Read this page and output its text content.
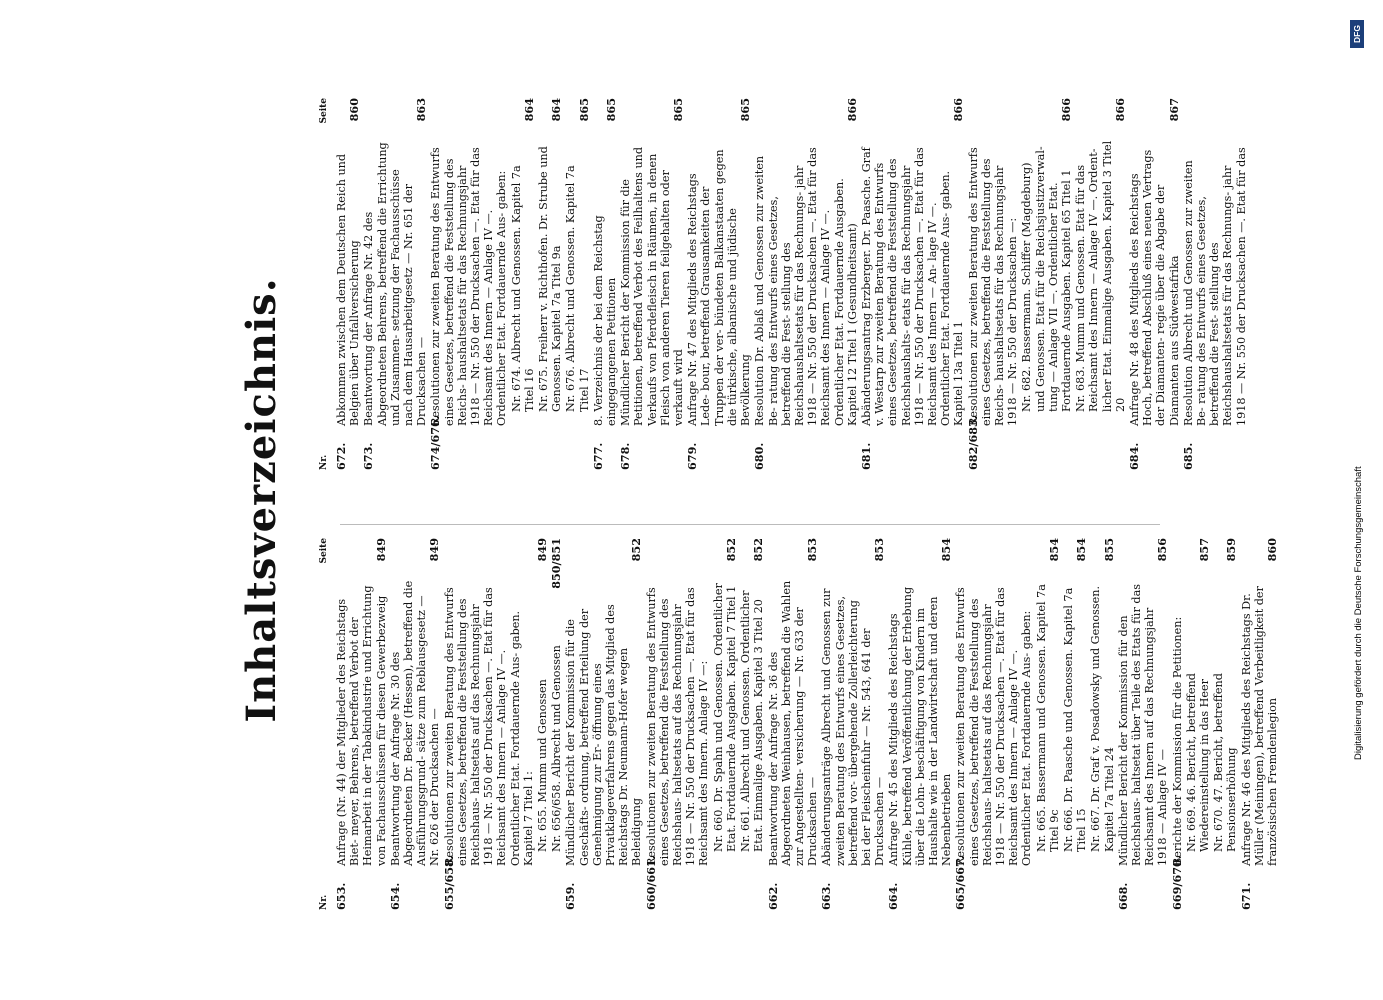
Inhaltsverzeichnis.
Nr.
Seite
653.
Anfrage (Nr. 44) der Mitglieder des Reichstags Biet- meyer, Behrens, betreffend Verbot der Heimarbeit in der Tabakindustrie und Errichtung von Fachausschüssen für diesen Gewerbezweig
849
654.
Beantwortung der Anfrage Nr. 30 des Abgeordneten Dr. Becker (Hessen), betreffend die Ausführungsgrund- sätze zum Reblausgesetz — Nr. 626 der Drucksachen —
849
655/658.
Resolutionen zur zweiten Beratung des Entwurfs eines Gesetzes, betreffend die Feststellung des Reichshaus- haltsetats auf das Rechnungsjahr 1918 — Nr. 550 der Drucksachen —. Etat für das Reichsamt des Innern — Anlage IV —. Ordentlicher Etat. Fortdauernde Aus- gaben. Kapitel 7 Titel 1: Nr. 655. Mumm und Genossen
849
Nr. 656/658. Albrecht und Genossen
850/851
659.
Mündlicher Bericht der Kommission für die Geschäfts- ordnung, betreffend Erteilung der Genehmigung zur Er- öffnung eines Privatklageverfahrens gegen das Mitglied des Reichstags Dr. Neumann-Hofer wegen Beleidigung
852
660/661.
Resolutionen zur zweiten Beratung des Entwurfs eines Gesetzes, betreffend die Feststellung des Reichshaus- haltsetats auf das Rechnungsjahr 1918 — Nr. 550 der Drucksachen —. Etat für das Reichsamt des Innern. Anlage IV —: Nr. 660. Dr. Spahn und Genossen. Ordentlicher Etat. Fortdauernde Ausgaben. Kapitel 7 Titel 1
852
Nr. 661. Albrecht und Genossen. Ordentlicher Etat. Einmalige Ausgaben. Kapitel 3 Titel 20
852
662.
Beantwortung der Anfrage Nr. 36 des Abgeordneten Weinhausen, betreffend die Wahlen zur Angestellten- versicherung — Nr. 633 der Drucksachen —
853
663.
Abänderungsanträge Albrecht und Genossen zur zweiten Beratung des Entwurfs eines Gesetzes, betreffend vor- übergehende Zollerleichterung bei der Fleischeinfuhr — Nr. 543, 641 der Drucksachen —
853
664.
Anfrage Nr. 45 des Mitglieds des Reichstags Kühle, betreffend Veröffentlichung der Erhebung über die Lohn- beschäftigung von Kindern im Haushalte wie in der Landwirtschaft und deren Nebenbetrieben
854
665/667.
Resolutionen zur zweiten Beratung des Entwurfs eines Gesetzes, betreffend die Feststellung des Reichshaus- haltsetats auf das Rechnungsjahr 1918 — Nr. 550 der Drucksachen —. Etat für das Reichsamt des Innern — Anlage IV —. Ordentlicher Etat. Fortdauernde Aus- gaben: Nr. 665. Bassermann und Genossen. Kapitel 7a Titel 9c
854
Nr. 666. Dr. Paasche und Genossen. Kapitel 7a Titel 15
854
Nr. 667. Dr. Graf v. Posadowsky und Genossen. Kapitel 7a Titel 24
855
668.
Mündlicher Bericht der Kommission für den Reichshaus- haltsetat über Teile des Etats für das Reichsamt des Innern auf das Rechnungsjahr 1918 — Anlage IV —
856
669/670.
Berichte der Kommission für die Petitionen: Nr. 669. 46. Bericht, betreffend Wiedereinstellung in das Heer
857
Nr. 670. 47. Bericht, betreffend Pensionserhöhung
859
671.
Anfrage Nr. 46 des Mitglieds des Reichstags Dr. Müller (Meiningen), betreffend Verbeitligkeit der französischen Fremdenlegion
860
Nr.
Seite
672.
Abkommen zwischen dem Deutschen Reich und Belgien über Unfallversicherung
860
673.
Beantwortung der Anfrage Nr. 42 des Abgeordneten Behrens, betreffend die Errichtung und Zusammen- setzung der Fachausschüsse nach dem Hausarbeitgesetz — Nr. 651 der Drucksachen —
863
674/676.
Resolutionen zur zweiten Beratung des Entwurfs eines Gesetzes, betreffend die Feststellung des Reichs- haushaltsetats für das Rechnungsjahr 1918 — Nr. 550 der Drucksachen —. Etat für das Reichsamt des Innern — Anlage IV —. Ordentlicher Etat. Fortdauernde Aus- gaben: Nr. 674. Albrecht und Genossen. Kapitel 7a Titel 16
864
Nr. 675. Freiherr v. Richthofen. Dr. Strube und Genossen. Kapitel 7a Titel 9a
864
Nr. 676. Albrecht und Genossen. Kapitel 7a Titel 17
865
677.
8. Verzeichnis der bei dem Reichstag eingegangenen Petitionen
865
678.
Mündlicher Bericht der Kommission für die Petitionen, betreffend Verbot des Feilhaltens und Verkaufs von Pferdefleisch in Räumen, in denen Fleisch von anderen Tieren feilgehalten oder verkauft wird
865
679.
Anfrage Nr. 47 des Mitglieds des Reichstags Lede- bour, betreffend Grausamkeiten der Truppen der ver- bündeten Balkanstaaten gegen die türkische, albanische und jüdische Bevölkerung
865
680.
Resolution Dr. Ablaß und Genossen zur zweiten Be- ratung des Entwurfs eines Gesetzes, betreffend die Fest- stellung des Reichshaushaltsetats für das Rechnungs- jahr 1918 — Nr. 550 der Drucksachen —. Etat für das Reichsamt des Innern — Anlage IV —. Ordentlicher Etat. Fortdauernde Ausgaben. Kapitel 12 Titel 1 (Gesundheitsamt)
866
681.
Abänderungsantrag Erzberger. Dr. Paasche. Graf v. Westarp zur zweiten Beratung des Entwurfs eines Gesetzes, betreffend die Feststellung des Reichshaushalts- etats für das Rechnungsjahr 1918 — Nr. 550 der Drucksachen —. Etat für das Reichsamt des Innern — An- lage IV —. Ordentlicher Etat. Fortdauernde Aus- gaben. Kapitel 13a Titel 1
866
682/683.
Resolutionen zur zweiten Beratung des Entwurfs eines Gesetzes, betreffend die Feststellung des Reichs- haushaltsetats für das Rechnungsjahr 1918 — Nr. 550 der Drucksachen —: Nr. 682. Bassermann. Schiffer (Magdeburg) und Genossen. Etat für die Reichsjustizverwal- tung — Anlage VII —. Ordentlicher Etat. Fortdauernde Ausgaben. Kapitel 65 Titel 1
866
Nr. 683. Mumm und Genossen. Etat für das Reichsamt des Innern — Anlage IV —. Ordent- licher Etat. Einmalige Ausgaben. Kapitel 3 Titel 20
866
684.
Anfrage Nr. 48 des Mitglieds des Reichstags Hoch, betreffend Abschluß eines neuen Vertrags der Diamanten- regie über die Abgabe der Diamanten aus Südwestafrika
867
685.
Resolution Albrecht und Genossen zur zweiten Be- ratung des Entwurfs eines Gesetzes, betreffend die Fest- stellung des Reichshaushaltsetats für das Rechnungs- jahr 1918 — Nr. 550 der Drucksachen —. Etat für das
Digitalisierung gefördert durch die Deutsche Forschungsgemeinschaft
DFG
